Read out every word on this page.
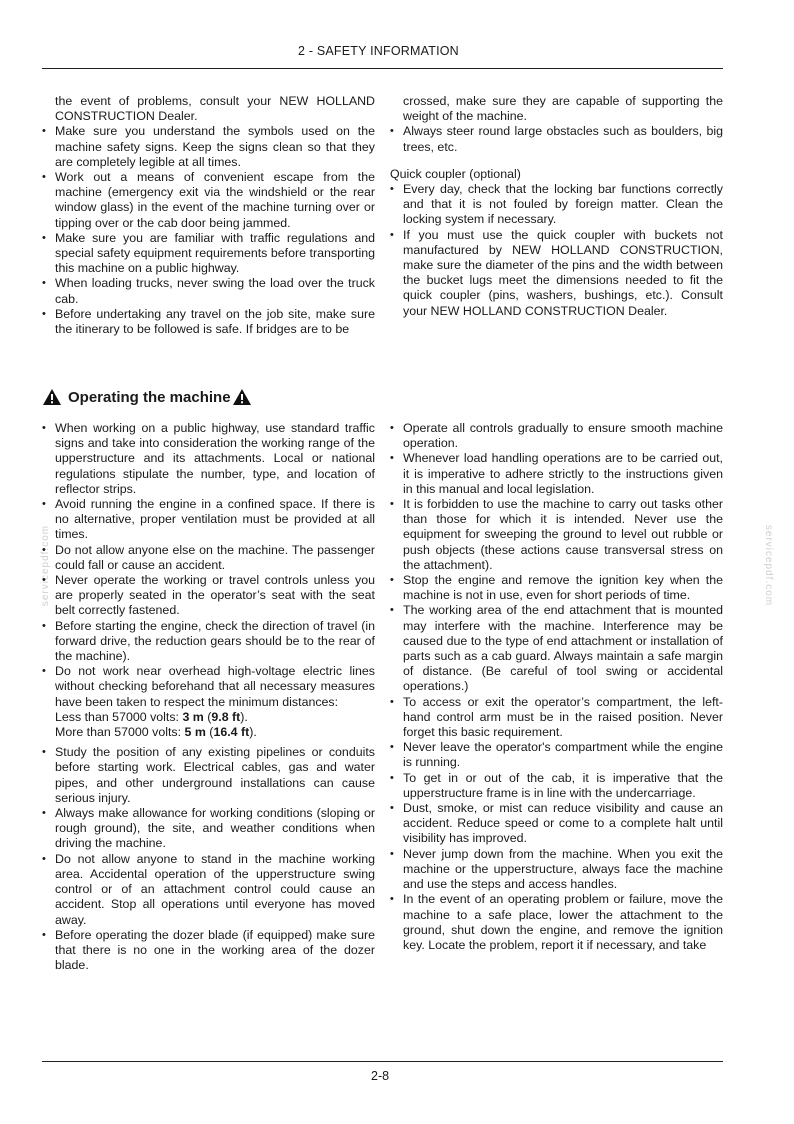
2 - SAFETY INFORMATION
servicepdf.com	servicepdf.com

the event of problems, consult your NEW HOLLAND CONSTRUCTION Dealer.

• Make sure you understand the symbols used on the machine safety signs. Keep the signs clean so that they are completely legible at all times.

• Work out a means of convenient escape from the machine (emergency exit via the windshield or the rear window glass) in the event of the machine turning over or tipping over or the cab door being jammed.

• Make sure you are familiar with traffic regulations and special safety equipment requirements before transporting this machine on a public highway.

• When loading trucks, never swing the load over the truck cab.

• Before undertaking any travel on the job site, make sure the itinerary to be followed is safe. If bridges are to be

crossed, make sure they are capable of supporting the weight of the machine.

• Always steer round large obstacles such as boulders, big trees, etc.

Quick coupler (optional)

• Every day, check that the locking bar functions correctly and that it is not fouled by foreign matter. Clean the locking system if necessary.

• If you must use the quick coupler with buckets not manufactured by NEW HOLLAND CONSTRUCTION, make sure the diameter of the pins and the width between the bucket lugs meet the dimensions needed to fit the quick coupler (pins, washers, bushings, etc.). Consult your NEW HOLLAND CONSTRUCTION Dealer.

Operating the machine

• When working on a public highway, use standard traffic signs and take into consideration the working range of the upperstructure and its attachments. Local or national regulations stipulate the number, type, and location of reflector strips.

• Avoid running the engine in a confined space. If there is no alternative, proper ventilation must be provided at all times.

• Do not allow anyone else on the machine. The passenger could fall or cause an accident.

• Never operate the working or travel controls unless you are properly seated in the operator’s seat with the seat belt correctly fastened.

• Before starting the engine, check the direction of travel (in forward drive, the reduction gears should be to the rear of the machine).

• Do not work near overhead high-voltage electric lines without checking beforehand that all necessary measures have been taken to respect the minimum distances:

Less than 57000 volts: 3 m (9.8 ft).

More than 57000 volts: 5 m (16.4 ft).

• Study the position of any existing pipelines or conduits before starting work. Electrical cables, gas and water pipes, and other underground installations can cause serious injury.

• Always make allowance for working conditions (sloping or rough ground), the site, and weather conditions when driving the machine.

• Do not allow anyone to stand in the machine working area. Accidental operation of the upperstructure swing control or of an attachment control could cause an accident. Stop all operations until everyone has moved away.

• Before operating the dozer blade (if equipped) make sure that there is no one in the working area of the dozer blade.

• Operate all controls gradually to ensure smooth machine operation.

• Whenever load handling operations are to be carried out, it is imperative to adhere strictly to the instructions given in this manual and local legislation.

• It is forbidden to use the machine to carry out tasks other than those for which it is intended. Never use the equipment for sweeping the ground to level out rubble or push objects (these actions cause transversal stress on the attachment).

• Stop the engine and remove the ignition key when the machine is not in use, even for short periods of time.

• The working area of the end attachment that is mounted may interfere with the machine. Interference may be caused due to the type of end attachment or installation of parts such as a cab guard. Always maintain a safe margin of distance. (Be careful of tool swing or accidental operations.)

• To access or exit the operator’s compartment, the left-hand control arm must be in the raised position. Never forget this basic requirement.

• Never leave the operator's compartment while the engine is running.

• To get in or out of the cab, it is imperative that the upperstructure frame is in line with the undercarriage.

• Dust, smoke, or mist can reduce visibility and cause an accident. Reduce speed or come to a complete halt until visibility has improved.

• Never jump down from the machine. When you exit the machine or the upperstructure, always face the machine and use the steps and access handles.

• In the event of an operating problem or failure, move the machine to a safe place, lower the attachment to the ground, shut down the engine, and remove the ignition key. Locate the problem, report it if necessary, and take

2-8
